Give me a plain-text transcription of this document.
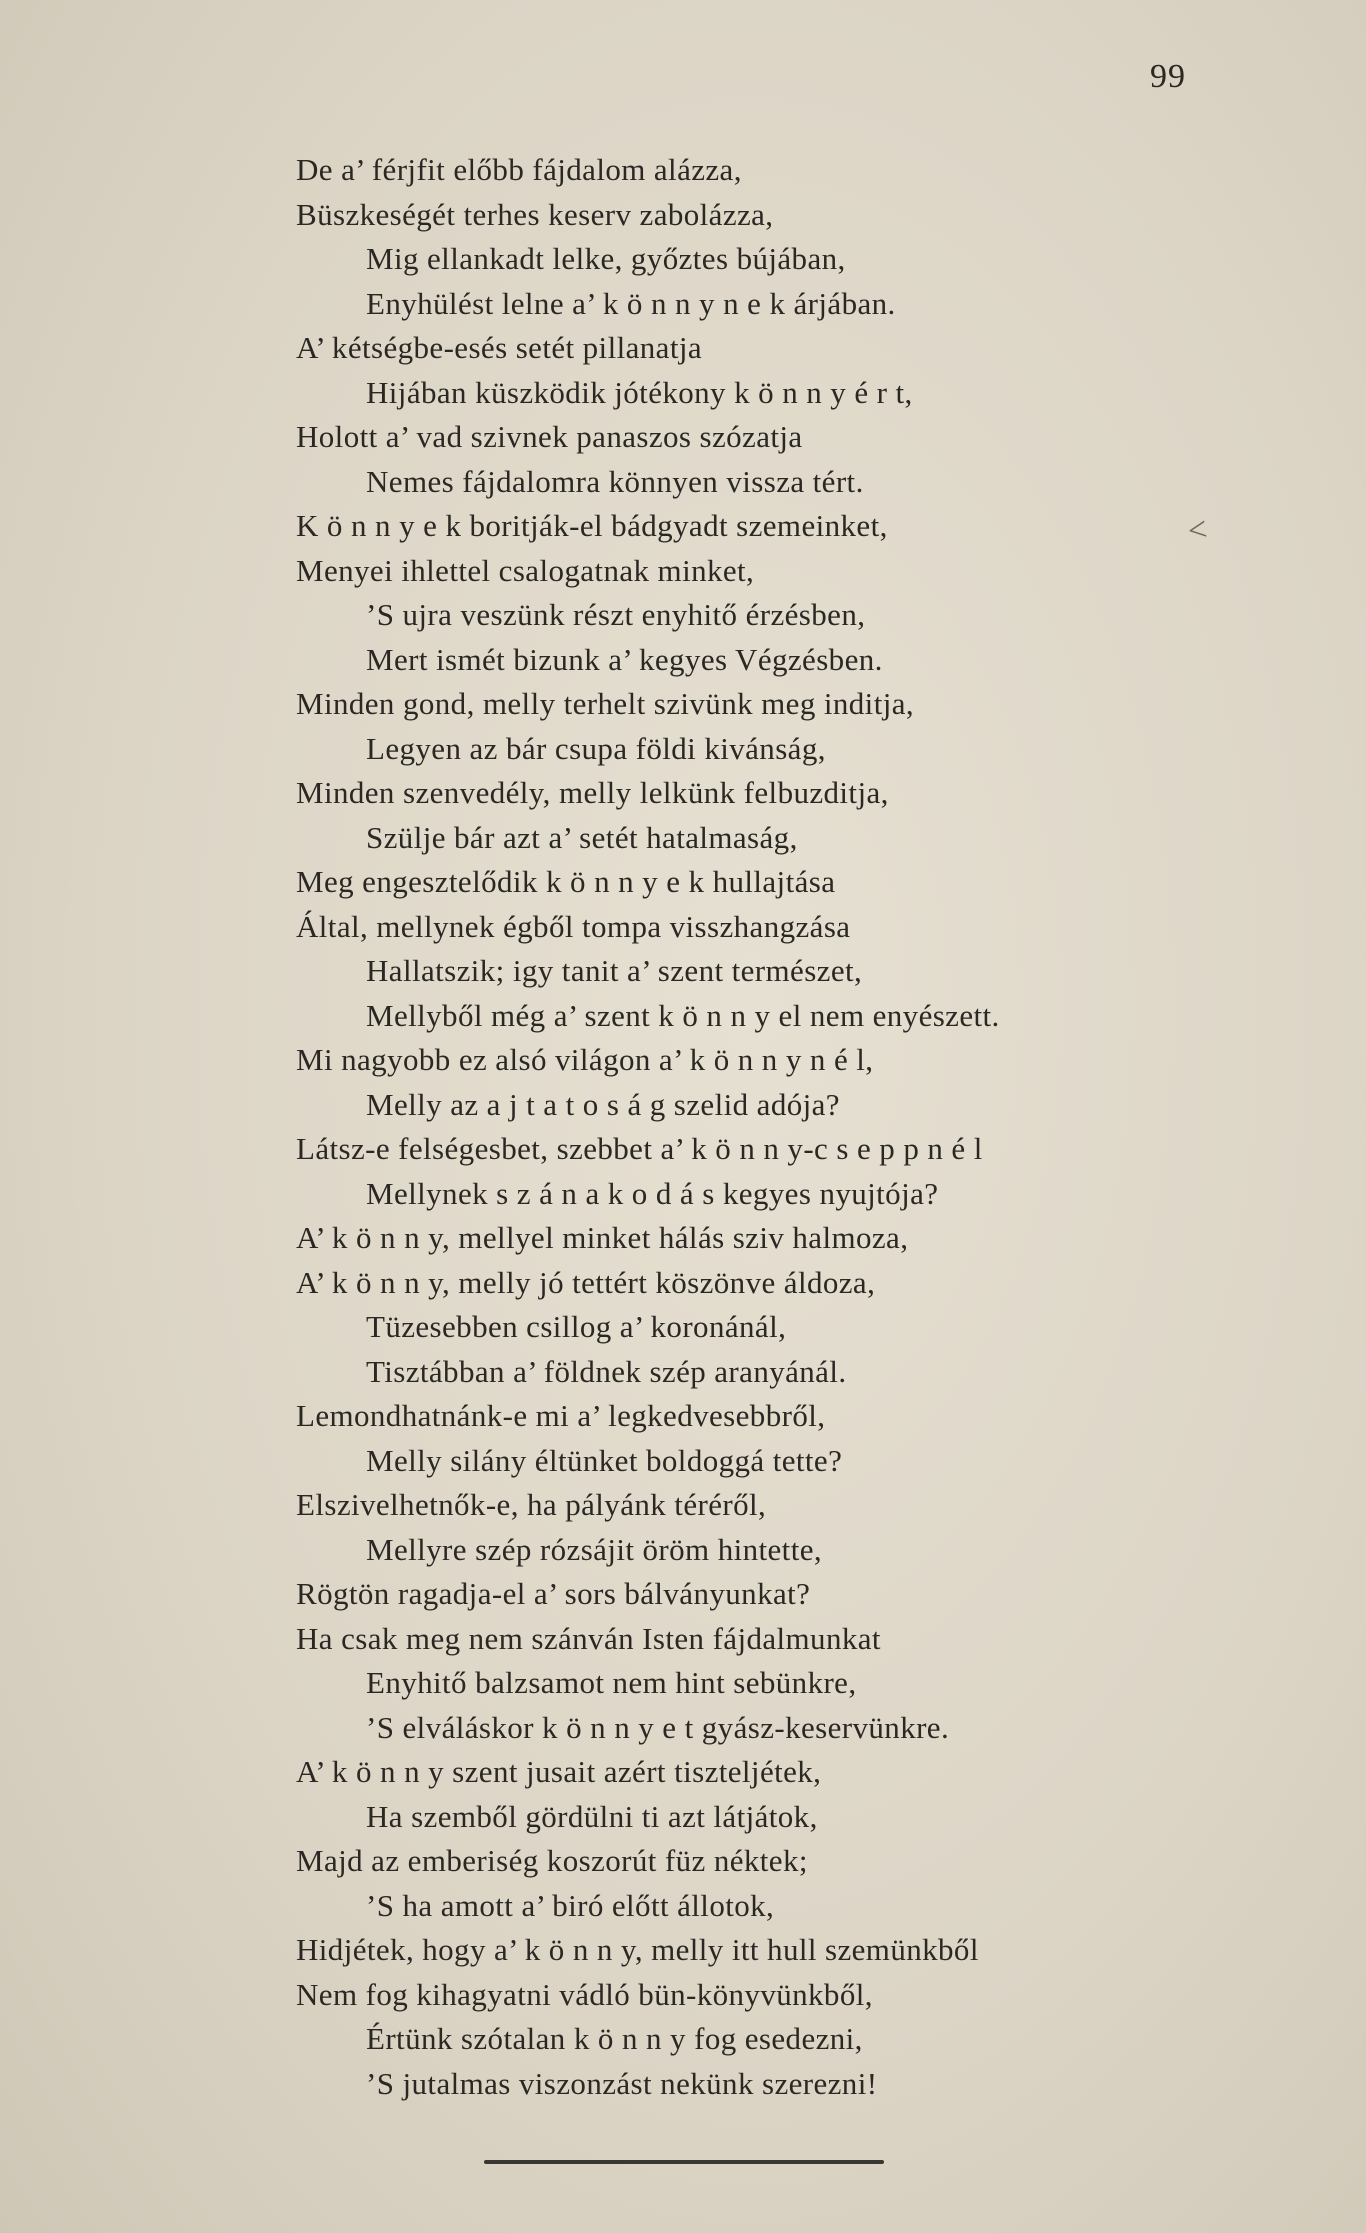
99
<
De a’ férjfit előbb fájdalom alázza,
Büszkeségét terhes keserv zabolázza,
Mig ellankadt lelke, győztes bújában,
Enyhülést lelne a’ k ö n n y n e k árjában.
A’ kétségbe-esés setét pillanatja
Hijában küszködik jótékony k ö n n y é r t,
Holott a’ vad szivnek panaszos szózatja
Nemes fájdalomra könnyen vissza tért.
K ö n n y e k boritják-el bádgyadt szemeinket,
Menyei ihlettel csalogatnak minket,
’S ujra veszünk részt enyhitő érzésben,
Mert ismét bizunk a’ kegyes Végzésben.
Minden gond, melly terhelt szivünk meg inditja,
Legyen az bár csupa földi kivánság,
Minden szenvedély, melly lelkünk felbuzditja,
Szülje bár azt a’ setét hatalmaság,
Meg engesztelődik k ö n n y e k hullajtása
Által, mellynek égből tompa visszhangzása
Hallatszik; igy tanit a’ szent természet,
Mellyből még a’ szent k ö n n y el nem enyészett.
Mi nagyobb ez alsó világon a’ k ö n n y n é l,
Melly az a j t a t o s á g szelid adója?
Látsz-e felségesbet, szebbet a’ k ö n n y-c s e p p n é l
Mellynek s z á n a k o d á s kegyes nyujtója?
A’ k ö n n y, mellyel minket hálás sziv halmoza,
A’ k ö n n y, melly jó tettért köszönve áldoza,
Tüzesebben csillog a’ koronánál,
Tisztábban a’ földnek szép aranyánál.
Lemondhatnánk-e mi a’ legkedvesebbről,
Melly silány éltünket boldoggá tette?
Elszivelhetnők-e, ha pályánk téréről,
Mellyre szép rózsájit öröm hintette,
Rögtön ragadja-el a’ sors bálványunkat?
Ha csak meg nem szánván Isten fájdalmunkat
Enyhitő balzsamot nem hint sebünkre,
’S elváláskor k ö n n y e t gyász-keservünkre.
A’ k ö n n y szent jusait azért tiszteljétek,
Ha szemből gördülni ti azt látjátok,
Majd az emberiség koszorút füz néktek;
’S ha amott a’ biró előtt állotok,
Hidjétek, hogy a’ k ö n n y, melly itt hull szemünkből
Nem fog kihagyatni vádló bün-könyvünkből,
Értünk szótalan k ö n n y fog esedezni,
’S jutalmas viszonzást nekünk szerezni!
